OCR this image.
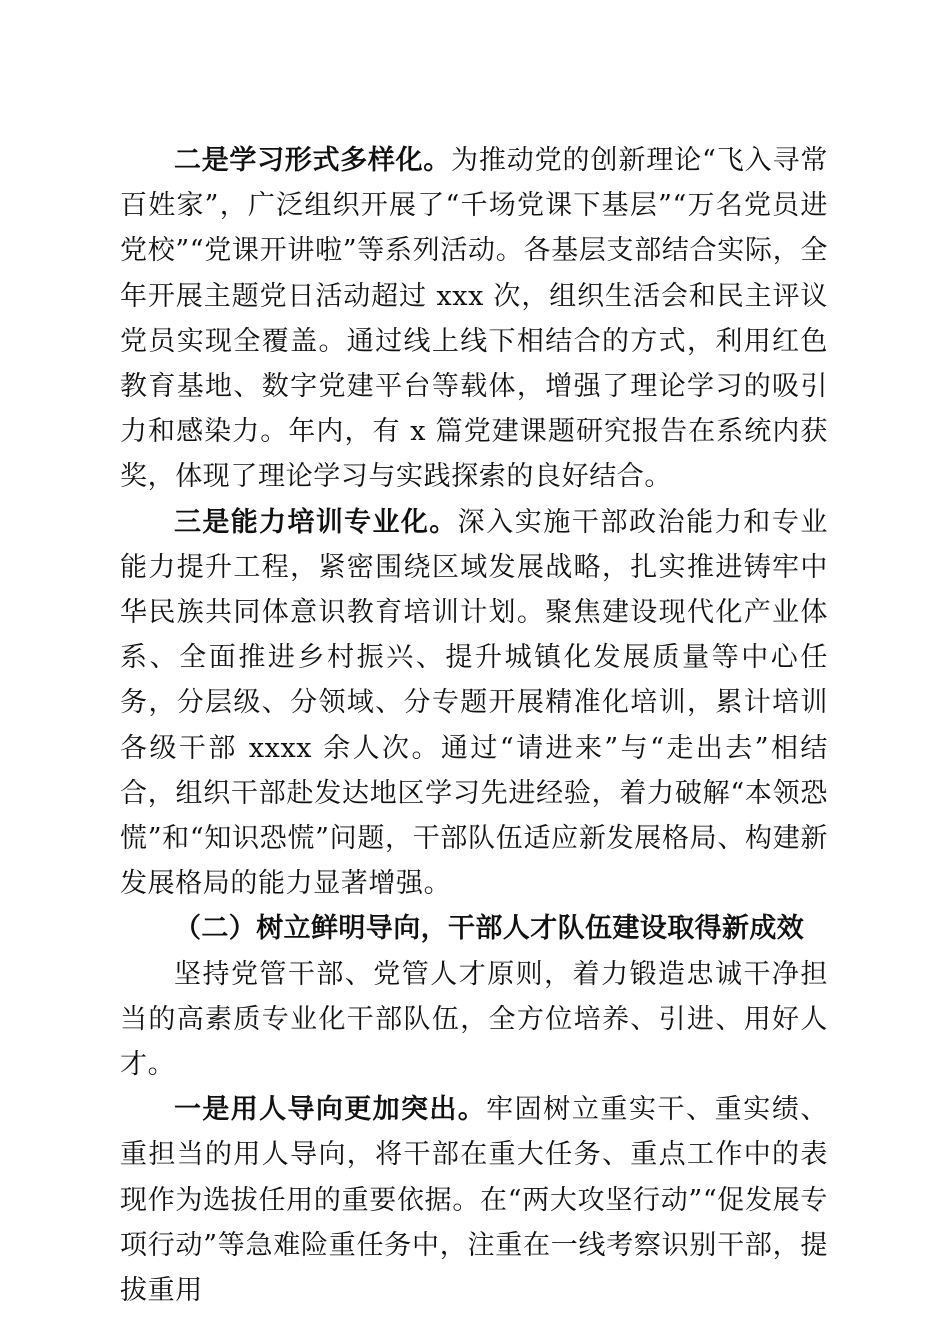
二是学习形式多样化。为推动党的创新理论“飞入寻常百姓家”，广泛组织开展了“千场党课下基层”“万名党员进党校”“党课开讲啦”等系列活动。各基层支部结合实际，全年开展主题党日活动超过 xxx 次，组织生活会和民主评议党员实现全覆盖。通过线上线下相结合的方式，利用红色教育基地、数字党建平台等载体，增强了理论学习的吸引力和感染力。年内，有 x 篇党建课题研究报告在系统内获奖，体现了理论学习与实践探索的良好结合。

三是能力培训专业化。深入实施干部政治能力和专业能力提升工程，紧密围绕区域发展战略，扎实推进铸牢中华民族共同体意识教育培训计划。聚焦建设现代化产业体系、全面推进乡村振兴、提升城镇化发展质量等中心任务，分层级、分领域、分专题开展精准化培训，累计培训各级干部 xxxx 余人次。通过“请进来”与“走出去”相结合，组织干部赴发达地区学习先进经验，着力破解“本领恐慌”和“知识恐慌”问题，干部队伍适应新发展格局、构建新发展格局的能力显著增强。

（二）树立鲜明导向，干部人才队伍建设取得新成效

坚持党管干部、党管人才原则，着力锻造忠诚干净担当的高素质专业化干部队伍，全方位培养、引进、用好人才。

一是用人导向更加突出。牢固树立重实干、重实绩、重担当的用人导向，将干部在重大任务、重点工作中的表现作为选拔任用的重要依据。在“两大攻坚行动”“促发展专项行动”等急难险重任务中，注重在一线考察识别干部，提拔重用
